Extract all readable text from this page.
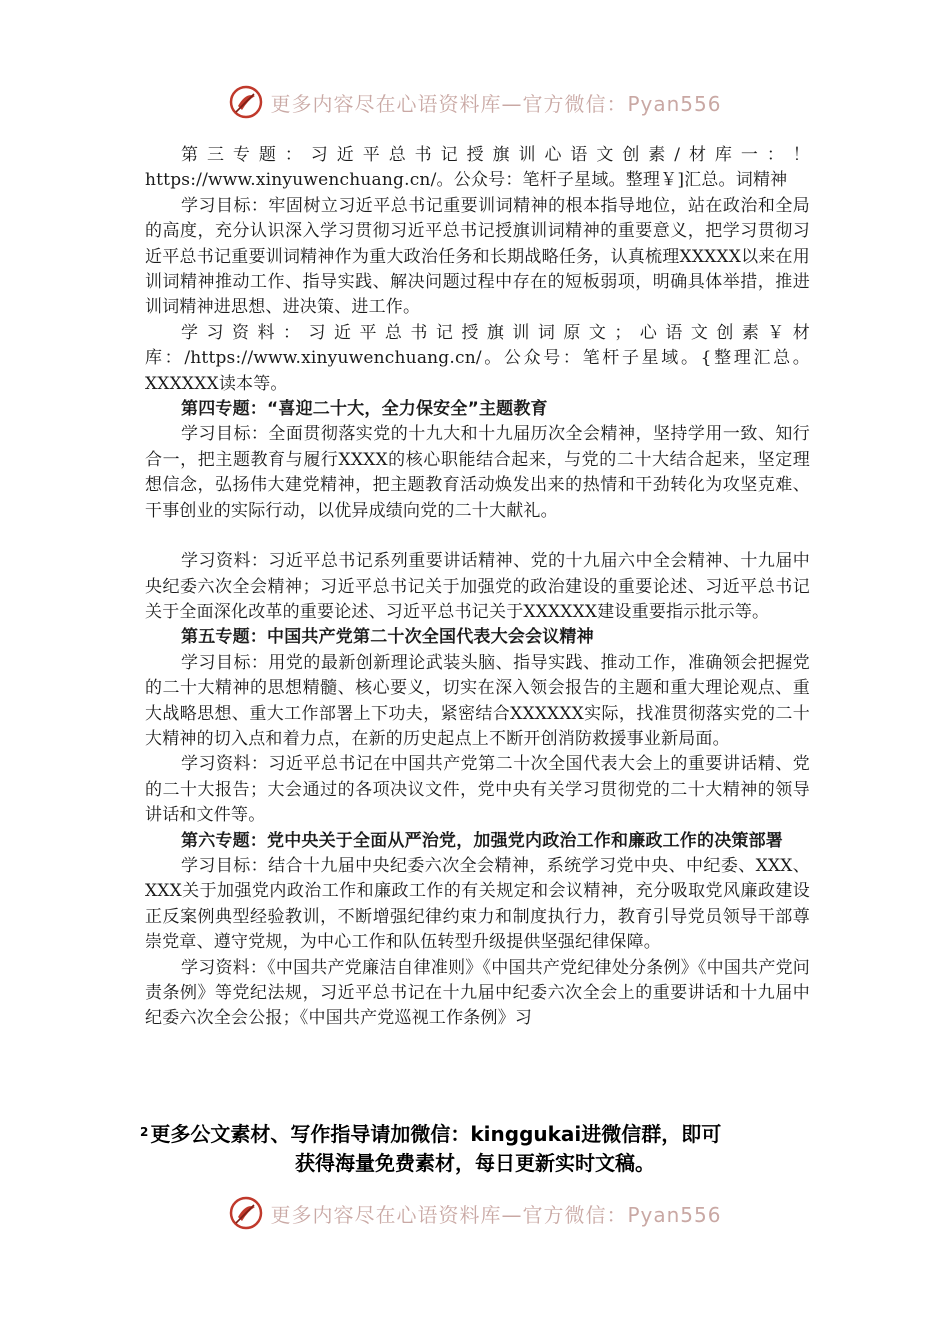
更多内容尽在心语资料库—官方微信：Pyan556

第三专题：习近平总书记授旗训心语文创素/材库一：！https://www.xinyuwenchuang.cn/。公众号：笔杆子星域。整理￥]汇总。词精神

学习目标：牢固树立习近平总书记重要训词精神的根本指导地位，站在政治和全局的高度，充分认识深入学习贯彻习近平总书记授旗训词精神的重要意义，把学习贯彻习近平总书记重要训词精神作为重大政治任务和长期战略任务，认真梳理XXXXX以来在用训词精神推动工作、指导实践、解决问题过程中存在的短板弱项，明确具体举措，推进训词精神进思想、进决策、进工作。

学习资料：习近平总书记授旗训词原文；心语文创素￥材库：/https://www.xinyuwenchuang.cn/。公众号：笔杆子星域。{整理汇总。XXXXXX读本等。

第四专题：“喜迎二十大，全力保安全”主题教育

学习目标：全面贯彻落实党的十九大和十九届历次全会精神，坚持学用一致、知行合一，把主题教育与履行XXXX的核心职能结合起来，与党的二十大结合起来，坚定理想信念，弘扬伟大建党精神，把主题教育活动焕发出来的热情和干劲转化为攻坚克难、干事创业的实际行动，以优异成绩向党的二十大献礼。

学习资料：习近平总书记系列重要讲话精神、党的十九届六中全会精神、十九届中央纪委六次全会精神；习近平总书记关于加强党的政治建设的重要论述、习近平总书记关于全面深化改革的重要论述、习近平总书记关于XXXXXX建设重要指示批示等。

第五专题：中国共产党第二十次全国代表大会会议精神

学习目标：用党的最新创新理论武装头脑、指导实践、推动工作，准确领会把握党的二十大精神的思想精髓、核心要义，切实在深入领会报告的主题和重大理论观点、重大战略思想、重大工作部署上下功夫，紧密结合XXXXXX实际，找准贯彻落实党的二十大精神的切入点和着力点，在新的历史起点上不断开创消防救援事业新局面。

学习资料：习近平总书记在中国共产党第二十次全国代表大会上的重要讲话精、党的二十大报告；大会通过的各项决议文件，党中央有关学习贯彻党的二十大精神的领导讲话和文件等。

第六专题：党中央关于全面从严治党，加强党内政治工作和廉政工作的决策部署

学习目标：结合十九届中央纪委六次全会精神，系统学习党中央、中纪委、XXX、XXX关于加强党内政治工作和廉政工作的有关规定和会议精神，充分吸取党风廉政建设正反案例典型经验教训，不断增强纪律约束力和制度执行力，教育引导党员领导干部尊崇党章、遵守党规，为中心工作和队伍转型升级提供坚强纪律保障。

学习资料：《中国共产党廉洁自律准则》《中国共产党纪律处分条例》《中国共产党问责条例》等党纪法规，习近平总书记在十九届中纪委六次全会上的重要讲话和十九届中纪委六次全会公报；《中国共产党巡视工作条例》习

$^2$ 更多公文素材、写作指导请加微信：kinggukai进微信群，即可
获得海量免费素材，每日更新实时文稿。
更多内容尽在心语资料库—官方微信：Pyan556
